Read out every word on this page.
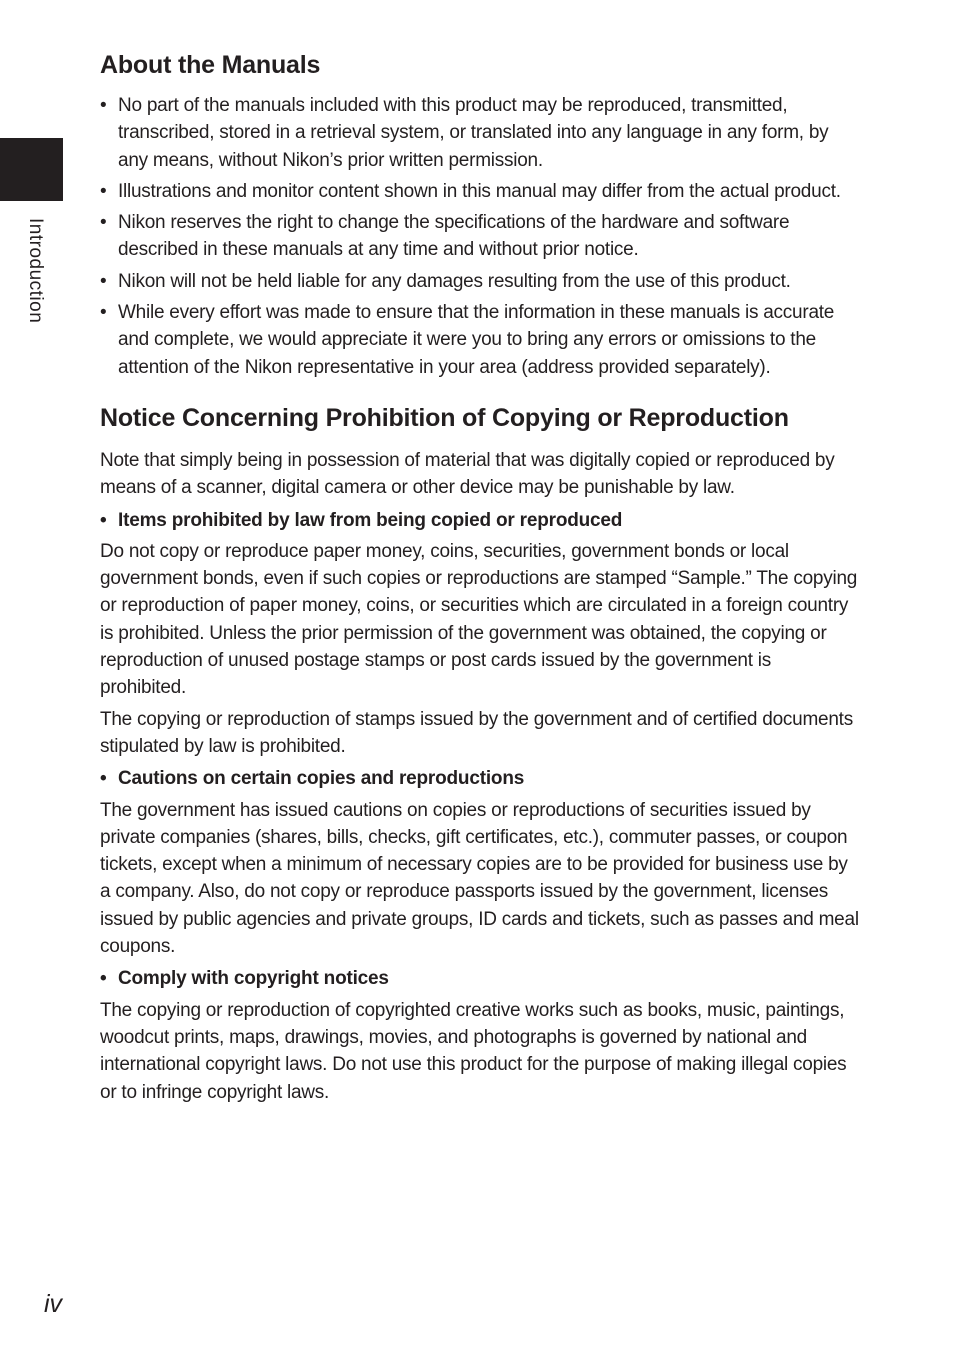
Introduction
About the Manuals
• No part of the manuals included with this product may be reproduced, transmitted, transcribed, stored in a retrieval system, or translated into any language in any form, by any means, without Nikon’s prior written permission.
• Illustrations and monitor content shown in this manual may differ from the actual product.
• Nikon reserves the right to change the specifications of the hardware and software described in these manuals at any time and without prior notice.
• Nikon will not be held liable for any damages resulting from the use of this product.
• While every effort was made to ensure that the information in these manuals is accurate and complete, we would appreciate it were you to bring any errors or omissions to the attention of the Nikon representative in your area (address provided separately).
Notice Concerning Prohibition of Copying or Reproduction

Note that simply being in possession of material that was digitally copied or reproduced by means of a scanner, digital camera or other device may be punishable by law.

• Items prohibited by law from being copied or reproduced

Do not copy or reproduce paper money, coins, securities, government bonds or local government bonds, even if such copies or reproductions are stamped “Sample.” The copying or reproduction of paper money, coins, or securities which are circulated in a foreign country is prohibited. Unless the prior permission of the government was obtained, the copying or reproduction of unused postage stamps or post cards issued by the government is prohibited.

The copying or reproduction of stamps issued by the government and of certified documents stipulated by law is prohibited.

• Cautions on certain copies and reproductions

The government has issued cautions on copies or reproductions of securities issued by private companies (shares, bills, checks, gift certificates, etc.), commuter passes, or coupon tickets, except when a minimum of necessary copies are to be provided for business use by a company. Also, do not copy or reproduce passports issued by the government, licenses issued by public agencies and private groups, ID cards and tickets, such as passes and meal coupons.

• Comply with copyright notices

The copying or reproduction of copyrighted creative works such as books, music, paintings, woodcut prints, maps, drawings, movies, and photographs is governed by national and international copyright laws. Do not use this product for the purpose of making illegal copies or to infringe copyright laws.

iv
